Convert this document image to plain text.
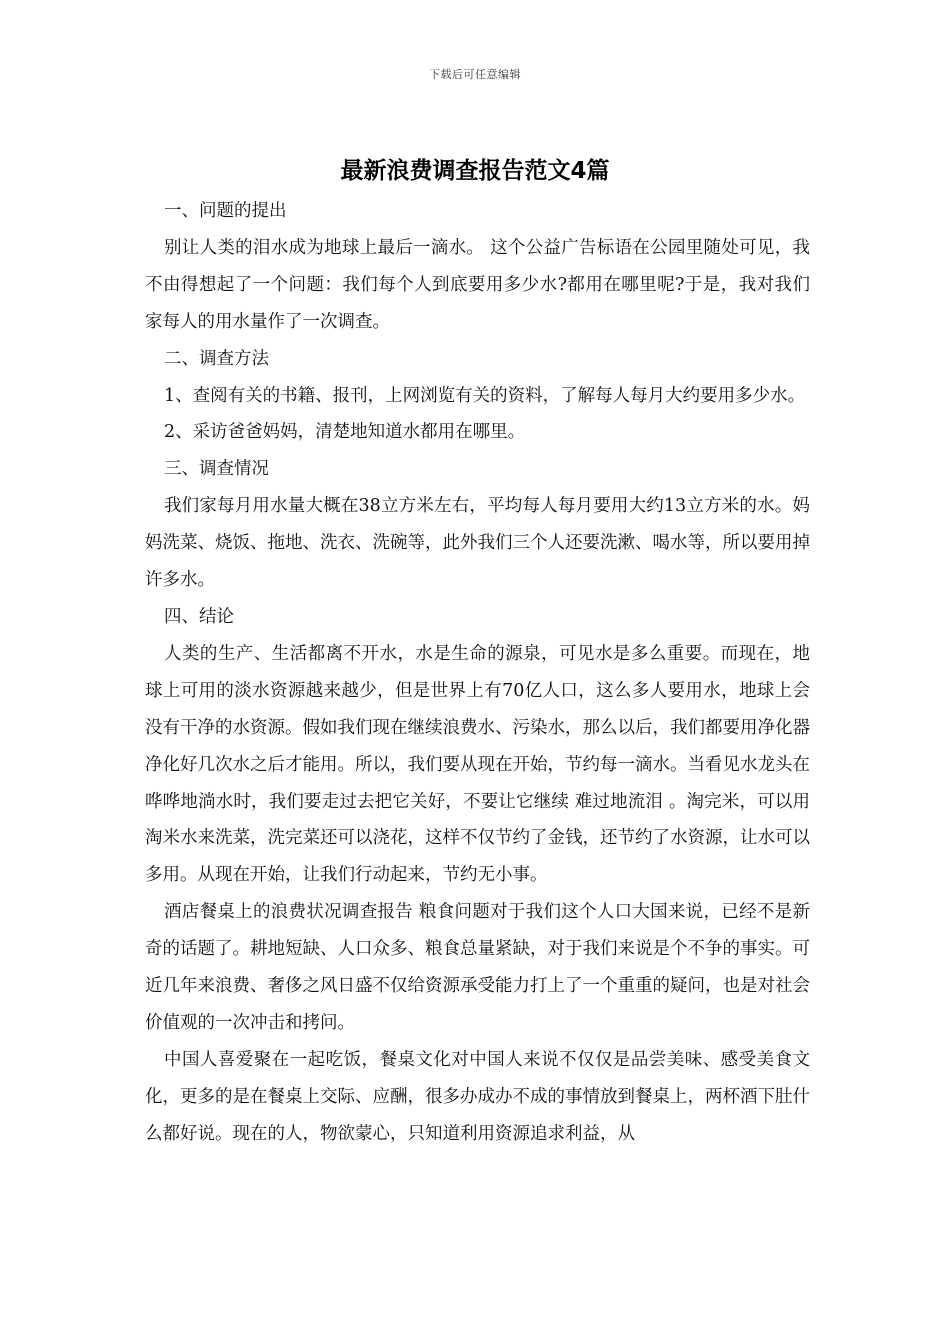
下载后可任意编辑
最新浪费调查报告范文4篇

一、问题的提出

别让人类的泪水成为地球上最后一滴水。 这个公益广告标语在公园里随处可见，我不由得想起了一个问题：我们每个人到底要用多少水?都用在哪里呢?于是，我对我们家每人的用水量作了一次调查。

二、调查方法

1、查阅有关的书籍、报刊，上网浏览有关的资料，了解每人每月大约要用多少水。

2、采访爸爸妈妈，清楚地知道水都用在哪里。

三、调查情况

我们家每月用水量大概在38立方米左右，平均每人每月要用大约13立方米的水。妈妈洗菜、烧饭、拖地、洗衣、洗碗等，此外我们三个人还要洗漱、喝水等，所以要用掉许多水。

四、结论

人类的生产、生活都离不开水，水是生命的源泉，可见水是多么重要。而现在，地球上可用的淡水资源越来越少，但是世界上有70亿人口，这么多人要用水，地球上会没有干净的水资源。假如我们现在继续浪费水、污染水，那么以后，我们都要用净化器净化好几次水之后才能用。所以，我们要从现在开始，节约每一滴水。当看见水龙头在哗哗地淌水时，我们要走过去把它关好，不要让它继续 难过地流泪 。淘完米，可以用淘米水来洗菜，洗完菜还可以浇花，这样不仅节约了金钱，还节约了水资源，让水可以多用。从现在开始，让我们行动起来，节约无小事。

酒店餐桌上的浪费状况调查报告 粮食问题对于我们这个人口大国来说，已经不是新奇的话题了。耕地短缺、人口众多、粮食总量紧缺，对于我们来说是个不争的事实。可近几年来浪费、奢侈之风日盛不仅给资源承受能力打上了一个重重的疑问，也是对社会价值观的一次冲击和拷问。

中国人喜爱聚在一起吃饭，餐桌文化对中国人来说不仅仅是品尝美味、感受美食文化，更多的是在餐桌上交际、应酬，很多办成办不成的事情放到餐桌上，两杯酒下肚什么都好说。现在的人，物欲蒙心，只知道利用资源追求利益，从
